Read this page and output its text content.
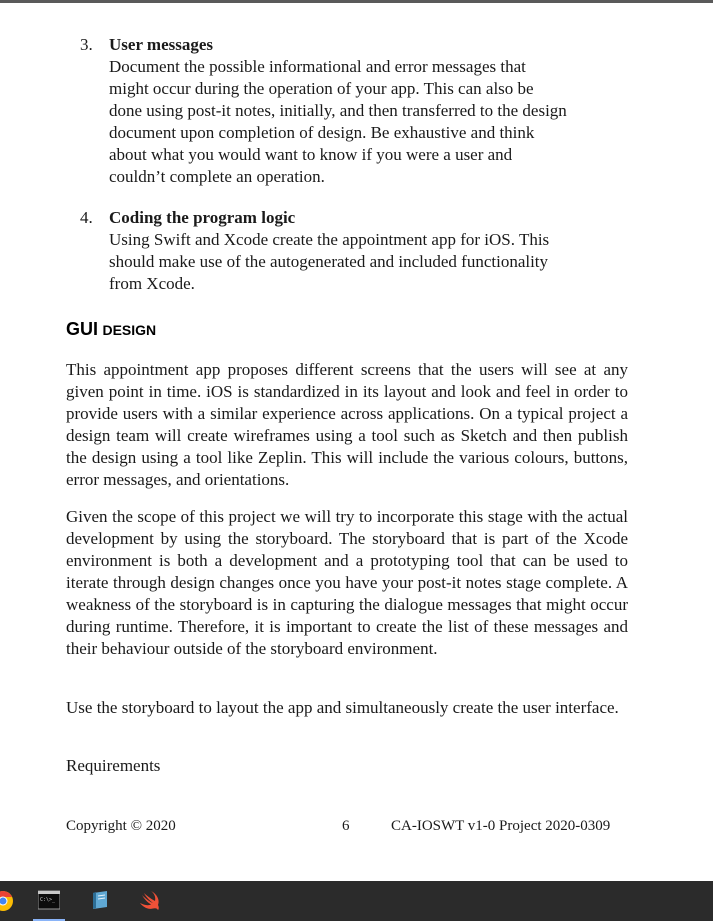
3. User messages
Document the possible informational and error messages that
might occur during the operation of your app. This can also be
done using post-it notes, initially, and then transferred to the design
document upon completion of design. Be exhaustive and think
about what you would want to know if you were a user and
couldn’t complete an operation.
4. Coding the program logic
Using Swift and Xcode create the appointment app for iOS. This
should make use of the autogenerated and included functionality
from Xcode.
GUI DESIGN

This appointment app proposes different screens that the users will see at any given point in time. iOS is standardized in its layout and look and feel in order to provide users with a similar experience across applications. On a typical project a design team will create wireframes using a tool such as Sketch and then publish the design using a tool like Zeplin. This will include the various colours, buttons, error messages, and orientations.

Given the scope of this project we will try to incorporate this stage with the actual development by using the storyboard. The storyboard that is part of the Xcode environment is both a development and a prototyping tool that can be used to iterate through design changes once you have your post-it notes stage complete. A weakness of the storyboard is in capturing the dialogue messages that might occur during runtime. Therefore, it is important to create the list of these messages and their behaviour outside of the storyboard environment.

Use the storyboard to layout the app and simultaneously create the user interface.

Requirements

Copyright © 2020	6	CA-IOSWT v1-0 Project 2020-0309
C:\>_
